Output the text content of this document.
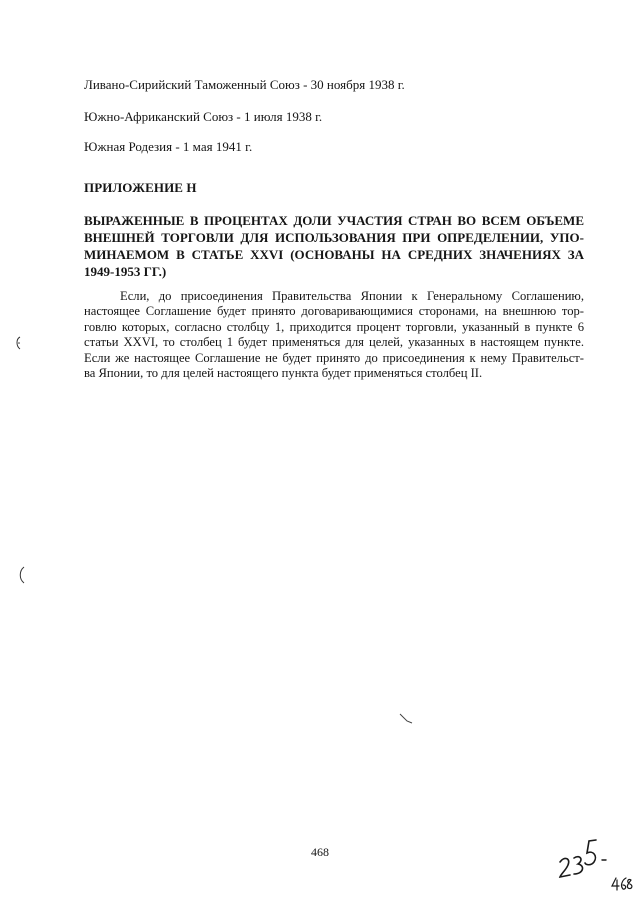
Ливано-Сирийский Таможенный Союз - 30 ноября 1938 г.
Южно-Африканский Союз - 1 июля 1938 г.
Южная Родезия - 1 мая 1941 г.
ПРИЛОЖЕНИЕ Н
ВЫРАЖЕННЫЕ В ПРОЦЕНТАХ ДОЛИ УЧАСТИЯ СТРАН ВО ВСЕМ ОБЪЕМЕ
ВНЕШНЕЙ ТОРГОВЛИ ДЛЯ ИСПОЛЬЗОВАНИЯ ПРИ ОПРЕДЕЛЕНИИ, УПО-
МИНАЕМОМ В СТАТЬЕ XXVI (ОСНОВАНЫ НА СРЕДНИХ ЗНАЧЕНИЯХ ЗА
1949-1953 ГГ.)
Если, до присоединения Правительства Японии к Генеральному Соглашению,
настоящее Соглашение будет принято договаривающимися сторонами, на внешнюю тор-
говлю которых, согласно столбцу 1, приходится процент торговли, указанный в пункте 6
статьи XXVI, то столбец 1 будет применяться для целей, указанных в настоящем пункте.
Если же настоящее Соглашение не будет принято до присоединения к нему Правительст-
ва Японии, то для целей настоящего пункта будет применяться столбец II.
468
